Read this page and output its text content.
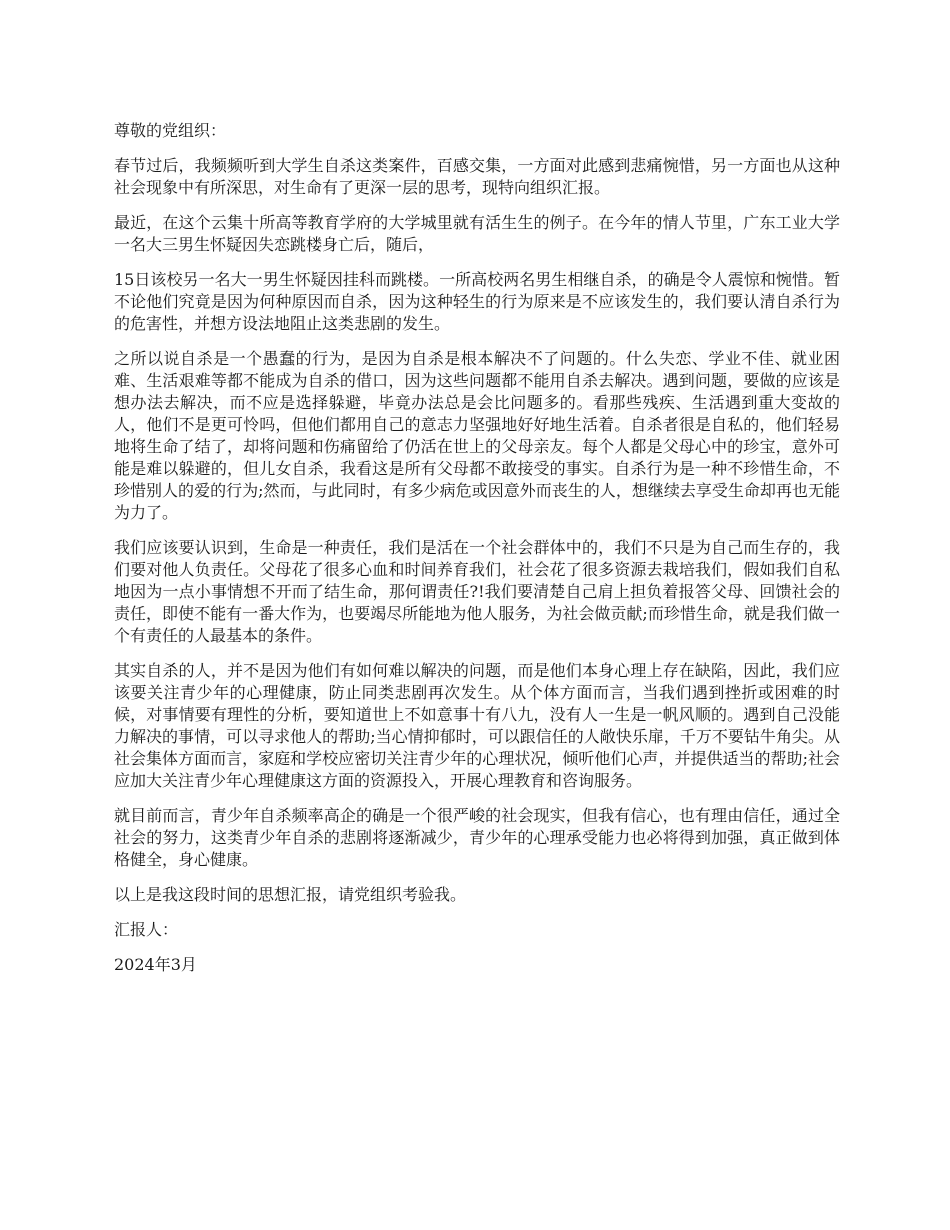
尊敬的党组织：

春节过后，我频频听到大学生自杀这类案件，百感交集，一方面对此感到悲痛惋惜，另一方面也从这种社会现象中有所深思，对生命有了更深一层的思考，现特向组织汇报。

最近，在这个云集十所高等教育学府的大学城里就有活生生的例子。在今年的情人节里，广东工业大学一名大三男生怀疑因失恋跳楼身亡后，随后，

15日该校另一名大一男生怀疑因挂科而跳楼。一所高校两名男生相继自杀，的确是令人震惊和惋惜。暂不论他们究竟是因为何种原因而自杀，因为这种轻生的行为原来是不应该发生的，我们要认清自杀行为的危害性，并想方设法地阻止这类悲剧的发生。

之所以说自杀是一个愚蠢的行为，是因为自杀是根本解决不了问题的。什么失恋、学业不佳、就业困难、生活艰难等都不能成为自杀的借口，因为这些问题都不能用自杀去解决。遇到问题，要做的应该是想办法去解决，而不应是选择躲避，毕竟办法总是会比问题多的。看那些残疾、生活遇到重大变故的人，他们不是更可怜吗，但他们都用自己的意志力坚强地好好地生活着。自杀者很是自私的，他们轻易地将生命了结了，却将问题和伤痛留给了仍活在世上的父母亲友。每个人都是父母心中的珍宝，意外可能是难以躲避的，但儿女自杀，我看这是所有父母都不敢接受的事实。自杀行为是一种不珍惜生命，不珍惜别人的爱的行为;然而，与此同时，有多少病危或因意外而丧生的人，想继续去享受生命却再也无能为力了。

我们应该要认识到，生命是一种责任，我们是活在一个社会群体中的，我们不只是为自己而生存的，我们要对他人负责任。父母花了很多心血和时间养育我们，社会花了很多资源去栽培我们，假如我们自私地因为一点小事情想不开而了结生命，那何谓责任?!我们要清楚自己肩上担负着报答父母、回馈社会的责任，即使不能有一番大作为，也要竭尽所能地为他人服务，为社会做贡献;而珍惜生命，就是我们做一个有责任的人最基本的条件。

其实自杀的人，并不是因为他们有如何难以解决的问题，而是他们本身心理上存在缺陷，因此，我们应该要关注青少年的心理健康，防止同类悲剧再次发生。从个体方面而言，当我们遇到挫折或困难的时候，对事情要有理性的分析，要知道世上不如意事十有八九，没有人一生是一帆风顺的。遇到自己没能力解决的事情，可以寻求他人的帮助;当心情抑郁时，可以跟信任的人敞快乐扉，千万不要钻牛角尖。从社会集体方面而言，家庭和学校应密切关注青少年的心理状况，倾听他们心声，并提供适当的帮助;社会应加大关注青少年心理健康这方面的资源投入，开展心理教育和咨询服务。

就目前而言，青少年自杀频率高企的确是一个很严峻的社会现实，但我有信心，也有理由信任，通过全社会的努力，这类青少年自杀的悲剧将逐渐减少，青少年的心理承受能力也必将得到加强，真正做到体格健全，身心健康。

以上是我这段时间的思想汇报，请党组织考验我。

汇报人：

2024年3月
